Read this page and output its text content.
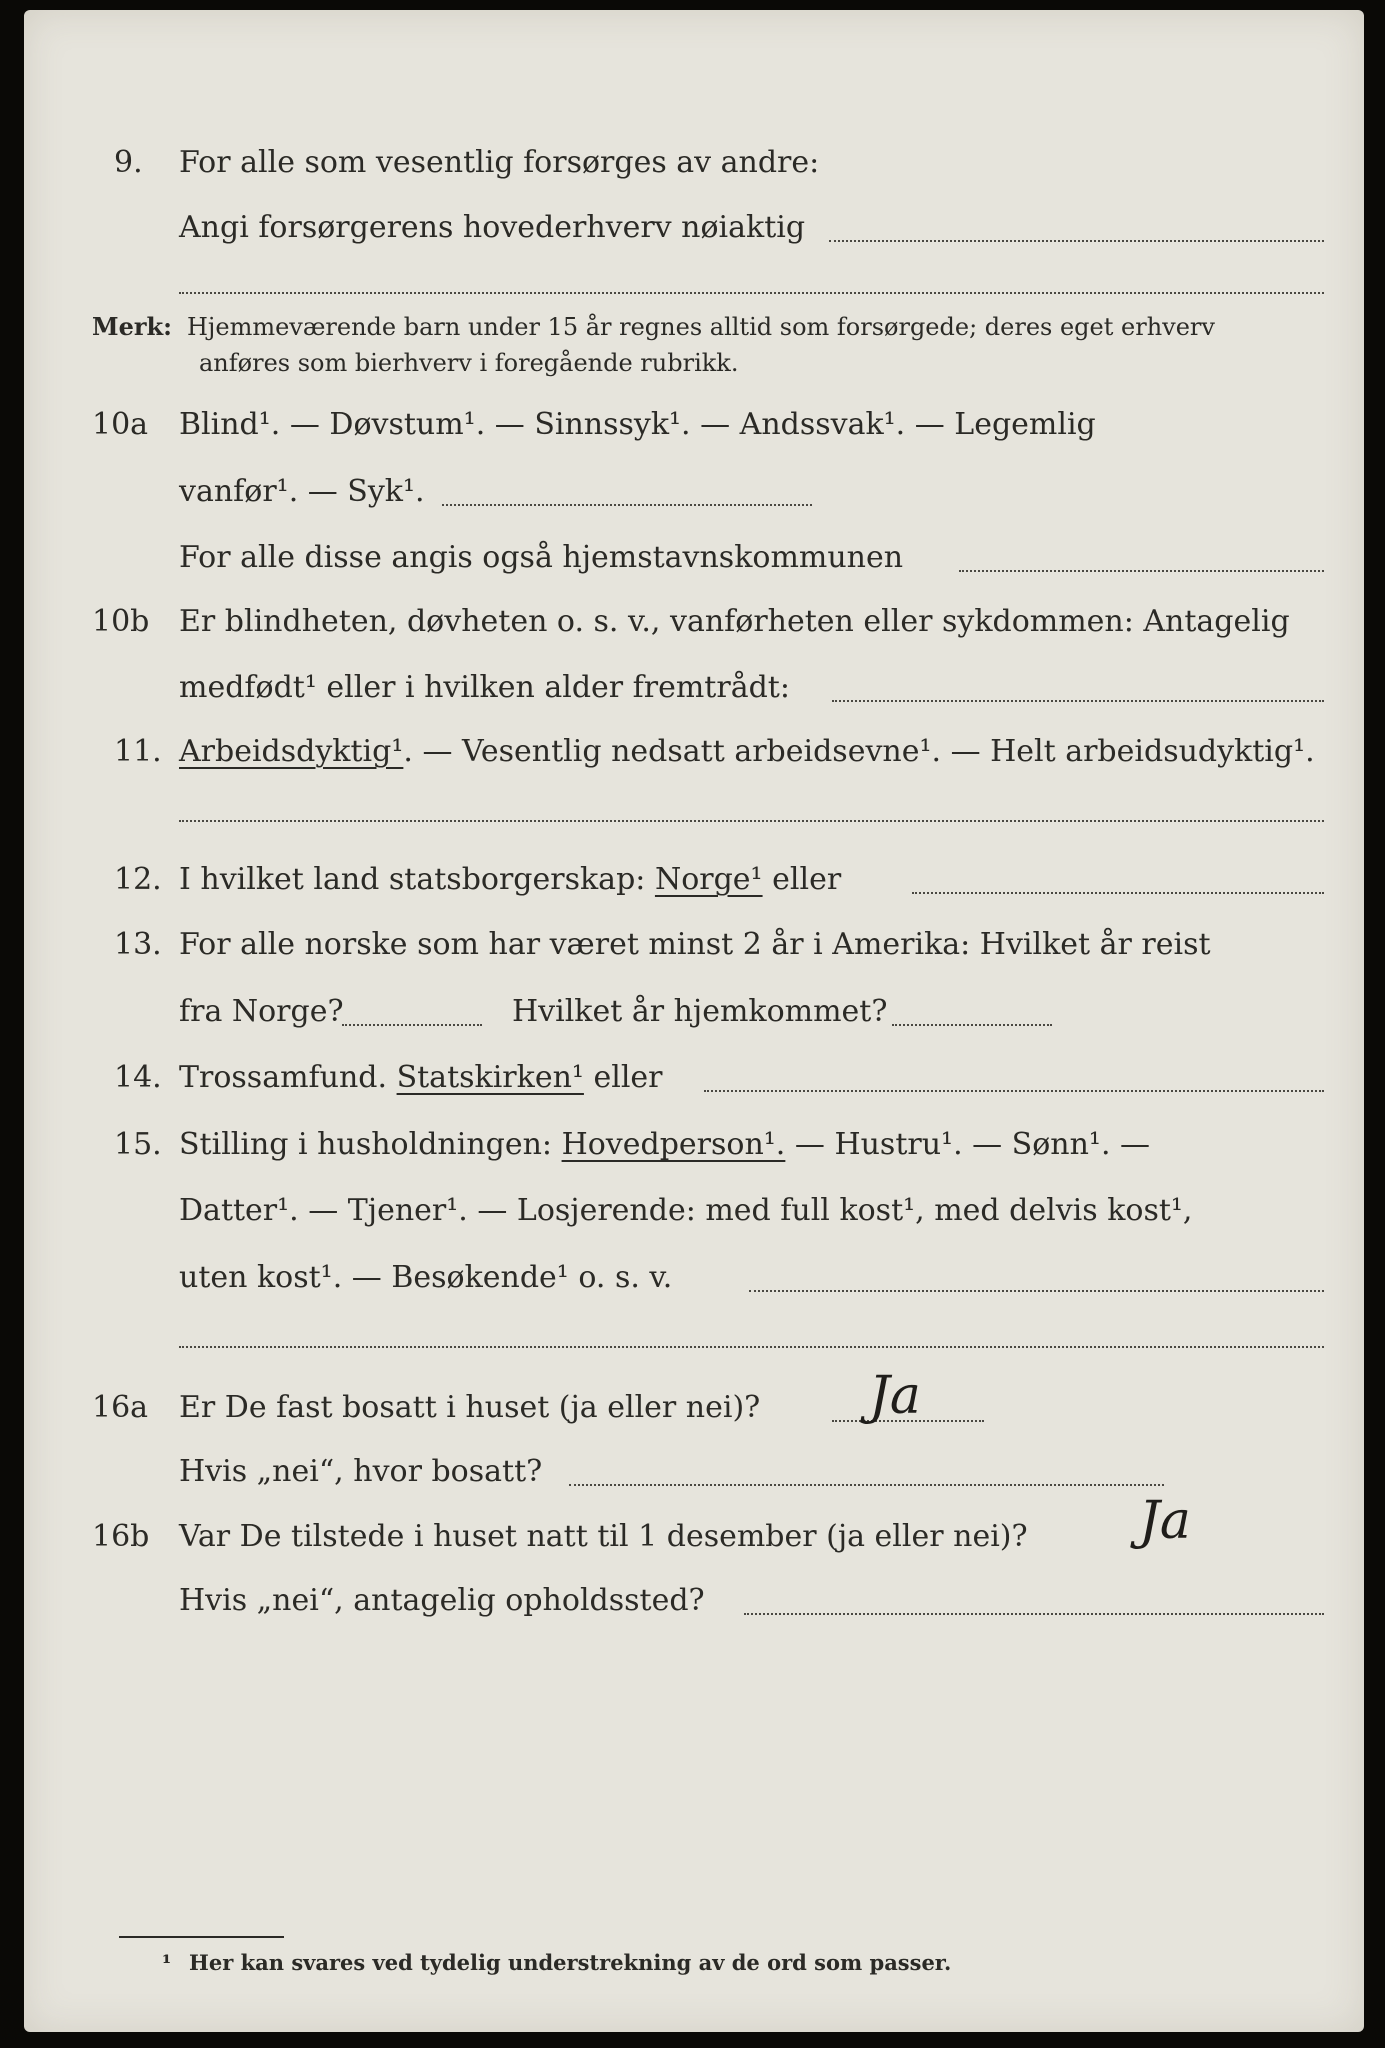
9. For alle som vesentlig forsørges av andre:
Angi forsørgerens hovederhverv nøiaktig
Merk: Hjemmeværende barn under 15 år regnes alltid som forsørgede; deres eget erhverv
anføres som bierhverv i foregående rubrikk.
10a Blind¹. — Døvstum¹. — Sinnssyk¹. — Andssvak¹. — Legemlig
vanfør¹. — Syk¹.
For alle disse angis også hjemstavnskommunen
10b Er blindheten, døvheten o. s. v., vanførheten eller sykdommen: Antagelig
medfødt¹ eller i hvilken alder fremtrådt:
11. Arbeidsdyktig¹. — Vesentlig nedsatt arbeidsevne¹. — Helt arbeidsudyktig¹.
12. I hvilket land statsborgerskap: Norge¹ eller
13. For alle norske som har været minst 2 år i Amerika: Hvilket år reist
fra Norge?	Hvilket år hjemkommet?
14. Trossamfund. Statskirken¹ eller
15. Stilling i husholdningen: Hovedperson¹. — Hustru¹. — Sønn¹. —
Datter¹. — Tjener¹. — Losjerende: med full kost¹, med delvis kost¹,
uten kost¹. — Besøkende¹ o. s. v.
16a Er De fast bosatt i huset (ja eller nei)? Ja
Hvis „nei“, hvor bosatt?
16b Var De tilstede i huset natt til 1 desember (ja eller nei)? Ja
Hvis „nei“, antagelig opholdssted?
¹ Her kan svares ved tydelig understrekning av de ord som passer.
